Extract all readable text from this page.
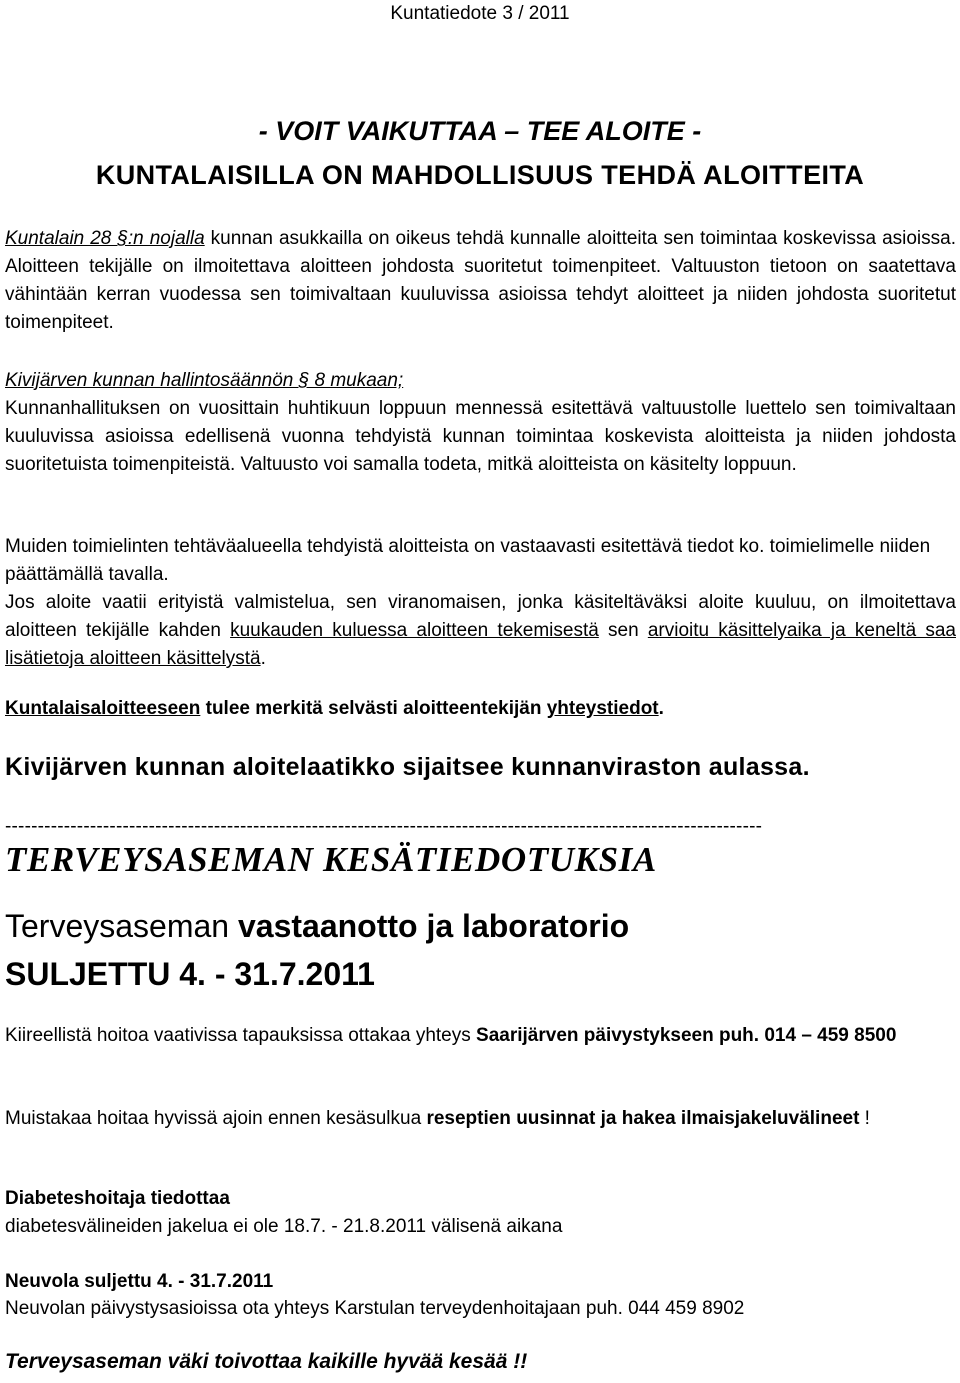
Kuntatiedote 3 / 2011
- VOIT VAIKUTTAA – TEE ALOITE -
KUNTALAISILLA ON MAHDOLLISUUS TEHDÄ ALOITTEITA
Kuntalain 28 §:n nojalla kunnan asukkailla on oikeus tehdä kunnalle aloitteita sen toimintaa koskevissa asioissa. Aloitteen tekijälle on ilmoitettava aloitteen johdosta suoritetut toimenpiteet. Valtuuston tietoon on saatettava vähintään kerran vuodessa sen toimivaltaan kuuluvissa asioissa tehdyt aloitteet ja niiden johdosta suoritetut toimenpiteet.
Kivijärven kunnan hallintosäännön § 8 mukaan;
Kunnanhallituksen on vuosittain huhtikuun loppuun mennessä esitettävä valtuustolle luettelo sen toimivaltaan kuuluvissa asioissa edellisenä vuonna tehdyistä kunnan toimintaa koskevista aloitteista ja niiden johdosta suoritetuista toimenpiteistä. Valtuusto voi samalla todeta, mitkä aloitteista on käsitelty loppuun.
Muiden toimielinten tehtäväalueella tehdyistä aloitteista on vastaavasti esitettävä tiedot ko. toimielimelle niiden päättämällä tavalla.
Jos aloite vaatii erityistä valmistelua, sen viranomaisen, jonka käsiteltäväksi aloite kuuluu, on ilmoitettava aloitteen tekijälle kahden kuukauden kuluessa aloitteen tekemisestä sen arvioitu käsittelyaika ja keneltä saa lisätietoja aloitteen käsittelystä.
Kuntalaisaloitteeseen tulee merkitä selvästi aloitteentekijän yhteystiedot.
Kivijärven kunnan aloitelaatikko sijaitsee kunnanviraston aulassa.
--------------------------------------------------------------------------------------------------------------------
TERVEYSASEMAN KESÄTIEDOTUKSIA
Terveysaseman vastaanotto ja laboratorio
SULJETTU 4. - 31.7.2011
Kiireellistä hoitoa vaativissa tapauksissa ottakaa yhteys Saarijärven päivystykseen puh. 014 – 459 8500
Muistakaa hoitaa hyvissä ajoin ennen kesäsulkua reseptien uusinnat ja hakea ilmaisjakeluvälineet !
Diabeteshoitaja tiedottaa
diabetesvälineiden jakelua ei ole 18.7. - 21.8.2011 välisenä aikana
Neuvola suljettu 4. - 31.7.2011
Neuvolan päivystysasioissa ota yhteys Karstulan terveydenhoitajaan puh. 044 459 8902
Terveysaseman väki toivottaa kaikille hyvää kesää !!
